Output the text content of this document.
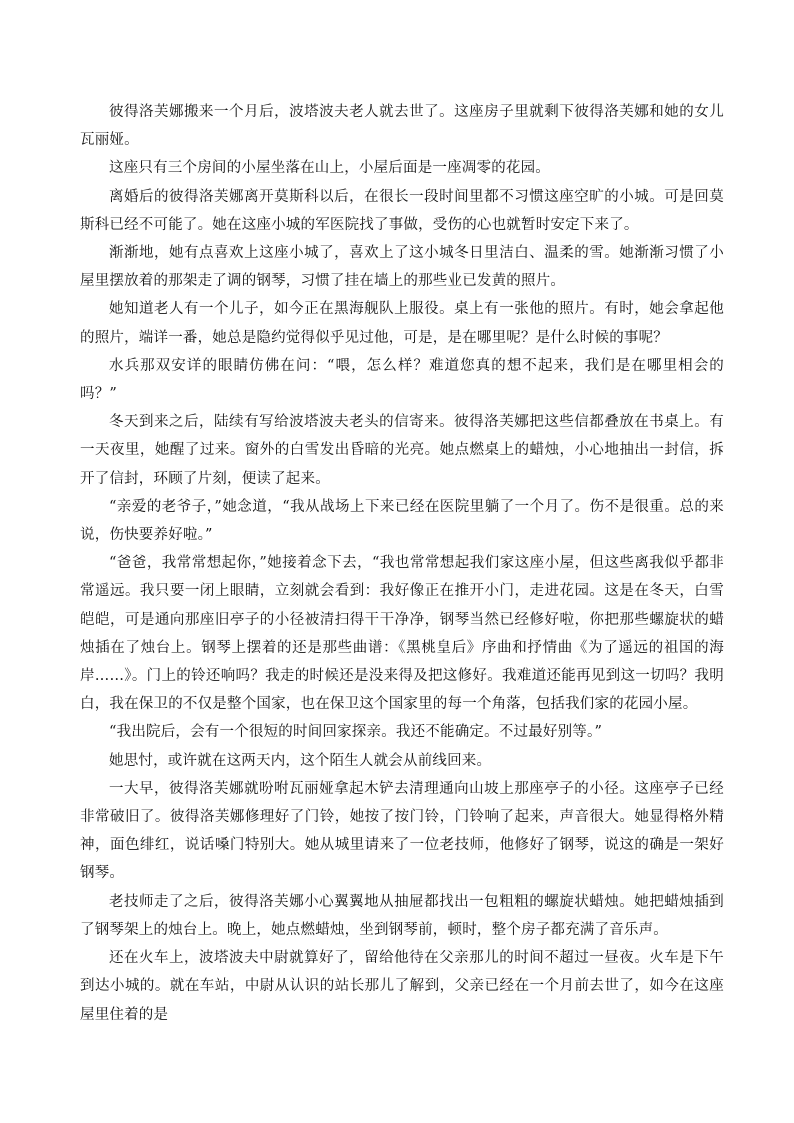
彼得洛芙娜搬来一个月后，波塔波夫老人就去世了。这座房子里就剩下彼得洛芙娜和她的女儿瓦丽娅。

这座只有三个房间的小屋坐落在山上，小屋后面是一座凋零的花园。

离婚后的彼得洛芙娜离开莫斯科以后，在很长一段时间里都不习惯这座空旷的小城。可是回莫斯科已经不可能了。她在这座小城的军医院找了事做，受伤的心也就暂时安定下来了。

渐渐地，她有点喜欢上这座小城了，喜欢上了这小城冬日里洁白、温柔的雪。她渐渐习惯了小屋里摆放着的那架走了调的钢琴，习惯了挂在墙上的那些业已发黄的照片。

她知道老人有一个儿子，如今正在黑海舰队上服役。桌上有一张他的照片。有时，她会拿起他的照片，端详一番，她总是隐约觉得似乎见过他，可是，是在哪里呢？是什么时候的事呢？

水兵那双安详的眼睛仿佛在问：“喂，怎么样？难道您真的想不起来，我们是在哪里相会的吗？”

冬天到来之后，陆续有写给波塔波夫老头的信寄来。彼得洛芙娜把这些信都叠放在书桌上。有一天夜里，她醒了过来。窗外的白雪发出昏暗的光亮。她点燃桌上的蜡烛，小心地抽出一封信，拆开了信封，环顾了片刻，便读了起来。

“亲爱的老爷子，”她念道，“我从战场上下来已经在医院里躺了一个月了。伤不是很重。总的来说，伤快要养好啦。”

“爸爸，我常常想起你，”她接着念下去，“我也常常想起我们家这座小屋，但这些离我似乎都非常遥远。我只要一闭上眼睛，立刻就会看到：我好像正在推开小门，走进花园。这是在冬天，白雪皑皑，可是通向那座旧亭子的小径被清扫得干干净净，钢琴当然已经修好啦，你把那些螺旋状的蜡烛插在了烛台上。钢琴上摆着的还是那些曲谱：《黑桃皇后》序曲和抒情曲《为了遥远的祖国的海岸……》。门上的铃还响吗？我走的时候还是没来得及把这修好。我难道还能再见到这一切吗？我明白，我在保卫的不仅是整个国家，也在保卫这个国家里的每一个角落，包括我们家的花园小屋。

“我出院后，会有一个很短的时间回家探亲。我还不能确定。不过最好别等。”

她思忖，或许就在这两天内，这个陌生人就会从前线回来。

一大早，彼得洛芙娜就吩咐瓦丽娅拿起木铲去清理通向山坡上那座亭子的小径。这座亭子已经非常破旧了。彼得洛芙娜修理好了门铃，她按了按门铃，门铃响了起来，声音很大。她显得格外精神，面色绯红，说话嗓门特别大。她从城里请来了一位老技师，他修好了钢琴，说这的确是一架好钢琴。

老技师走了之后，彼得洛芙娜小心翼翼地从抽屉都找出一包粗粗的螺旋状蜡烛。她把蜡烛插到了钢琴架上的烛台上。晚上，她点燃蜡烛，坐到钢琴前，顿时，整个房子都充满了音乐声。

还在火车上，波塔波夫中尉就算好了，留给他待在父亲那儿的时间不超过一昼夜。火车是下午到达小城的。就在车站，中尉从认识的站长那儿了解到，父亲已经在一个月前去世了，如今在这座屋里住着的是
